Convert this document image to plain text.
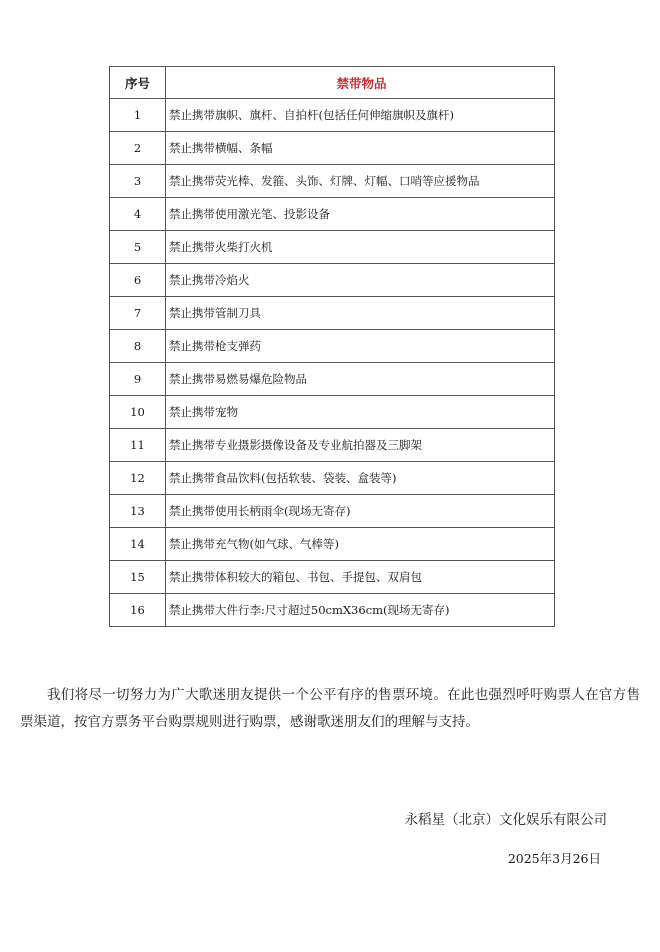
序号	禁带物品
1	禁止携带旗帜、旗杆、自拍杆(包括任何伸缩旗帜及旗杆)
2	禁止携带横幅、条幅
3	禁止携带荧光棒、发箍、头饰、灯牌、灯幅、口哨等应援物品
4	禁止携带使用激光笔、投影设备
5	禁止携带火柴打火机
6	禁止携带冷焰火
7	禁止携带管制刀具
8	禁止携带枪支弹药
9	禁止携带易燃易爆危险物品
10	禁止携带宠物
11	禁止携带专业摄影摄像设备及专业航拍器及三脚架
12	禁止携带食品饮料(包括软装、袋装、盒装等)
13	禁止携带使用长柄雨伞(现场无寄存)
14	禁止携带充气物(如气球、气棒等)
15	禁止携带体积较大的箱包、书包、手提包、双肩包
16	禁止携带大件行李:尺寸超过50cmX36cm(现场无寄存)

我们将尽一切努力为广大歌迷朋友提供一个公平有序的售票环境。在此也强烈呼吁购票人在官方售票渠道，按官方票务平台购票规则进行购票，感谢歌迷朋友们的理解与支持。

永稻星（北京）文化娱乐有限公司

2025年3月26日
